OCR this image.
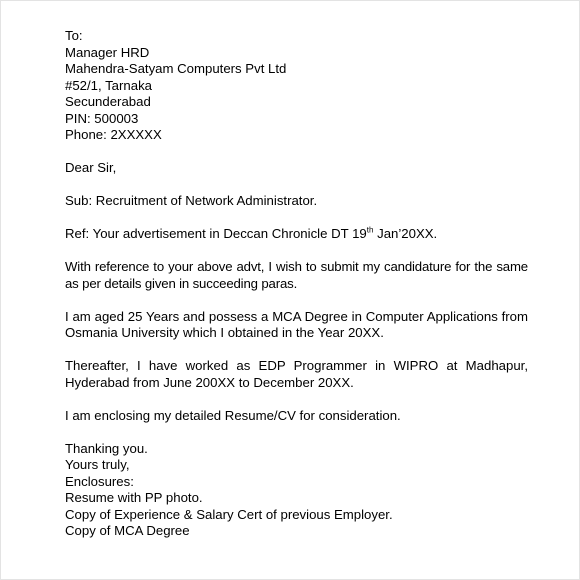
To:
Manager HRD
Mahendra-Satyam Computers Pvt Ltd
#52/1, Tarnaka
Secunderabad
PIN: 500003
Phone: 2XXXXX
Dear Sir,
Sub: Recruitment of Network Administrator.
Ref: Your advertisement in Deccan Chronicle DT 19th Jan’20XX.
With reference to your above advt, I wish to submit my candidature for the same as per details given in succeeding paras.
I am aged 25 Years and possess a MCA Degree in Computer Applications from Osmania University which I obtained in the Year 20XX.
Thereafter, I have worked as EDP Programmer in WIPRO at Madhapur, Hyderabad from June 200XX to December 20XX.
I am enclosing my detailed Resume/CV for consideration.
Thanking you.
Yours truly,
Enclosures:
Resume with PP photo.
Copy of Experience & Salary Cert of previous Employer.
Copy of MCA Degree
